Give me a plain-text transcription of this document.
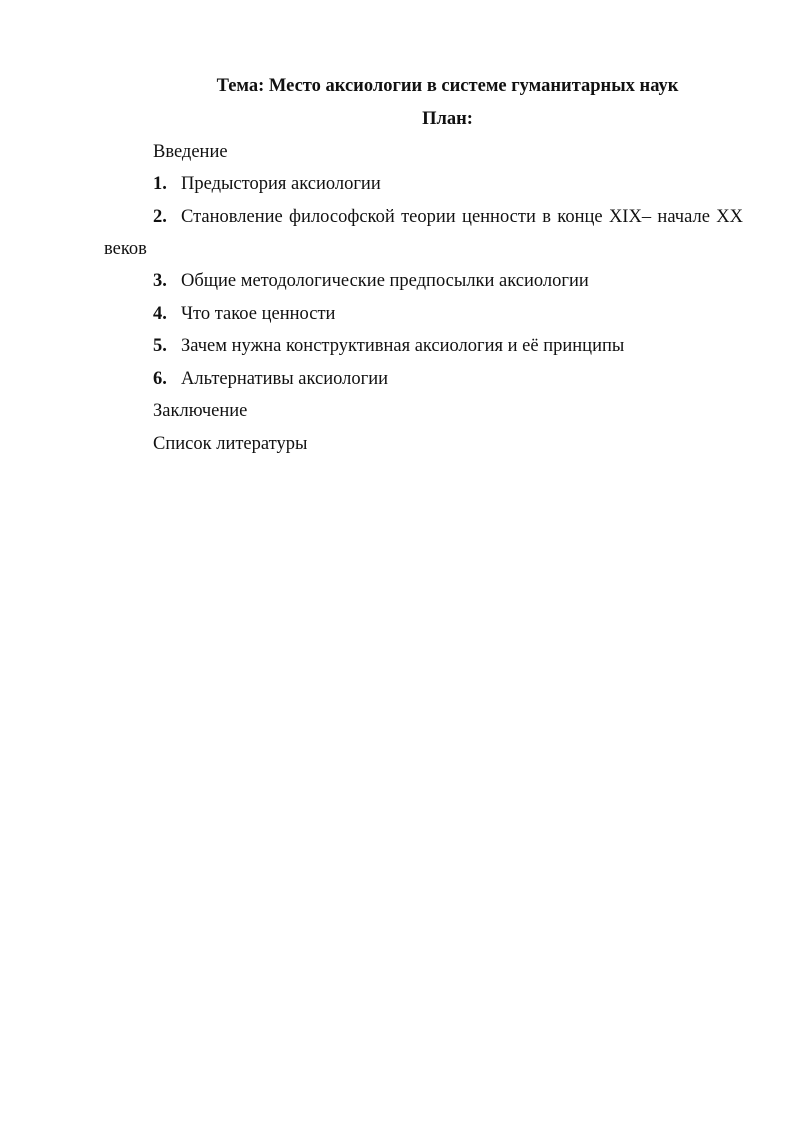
Тема: Место аксиологии в системе гуманитарных наук
План:

Введение

1. Предыстория аксиологии
2. Становление философской теории ценности в конце XIX– начале XX
веков
3. Общие методологические предпосылки аксиологии
4. Что такое ценности
5. Зачем нужна конструктивная аксиология и её принципы
6. Альтернативы аксиологии

Заключение

Список литературы
